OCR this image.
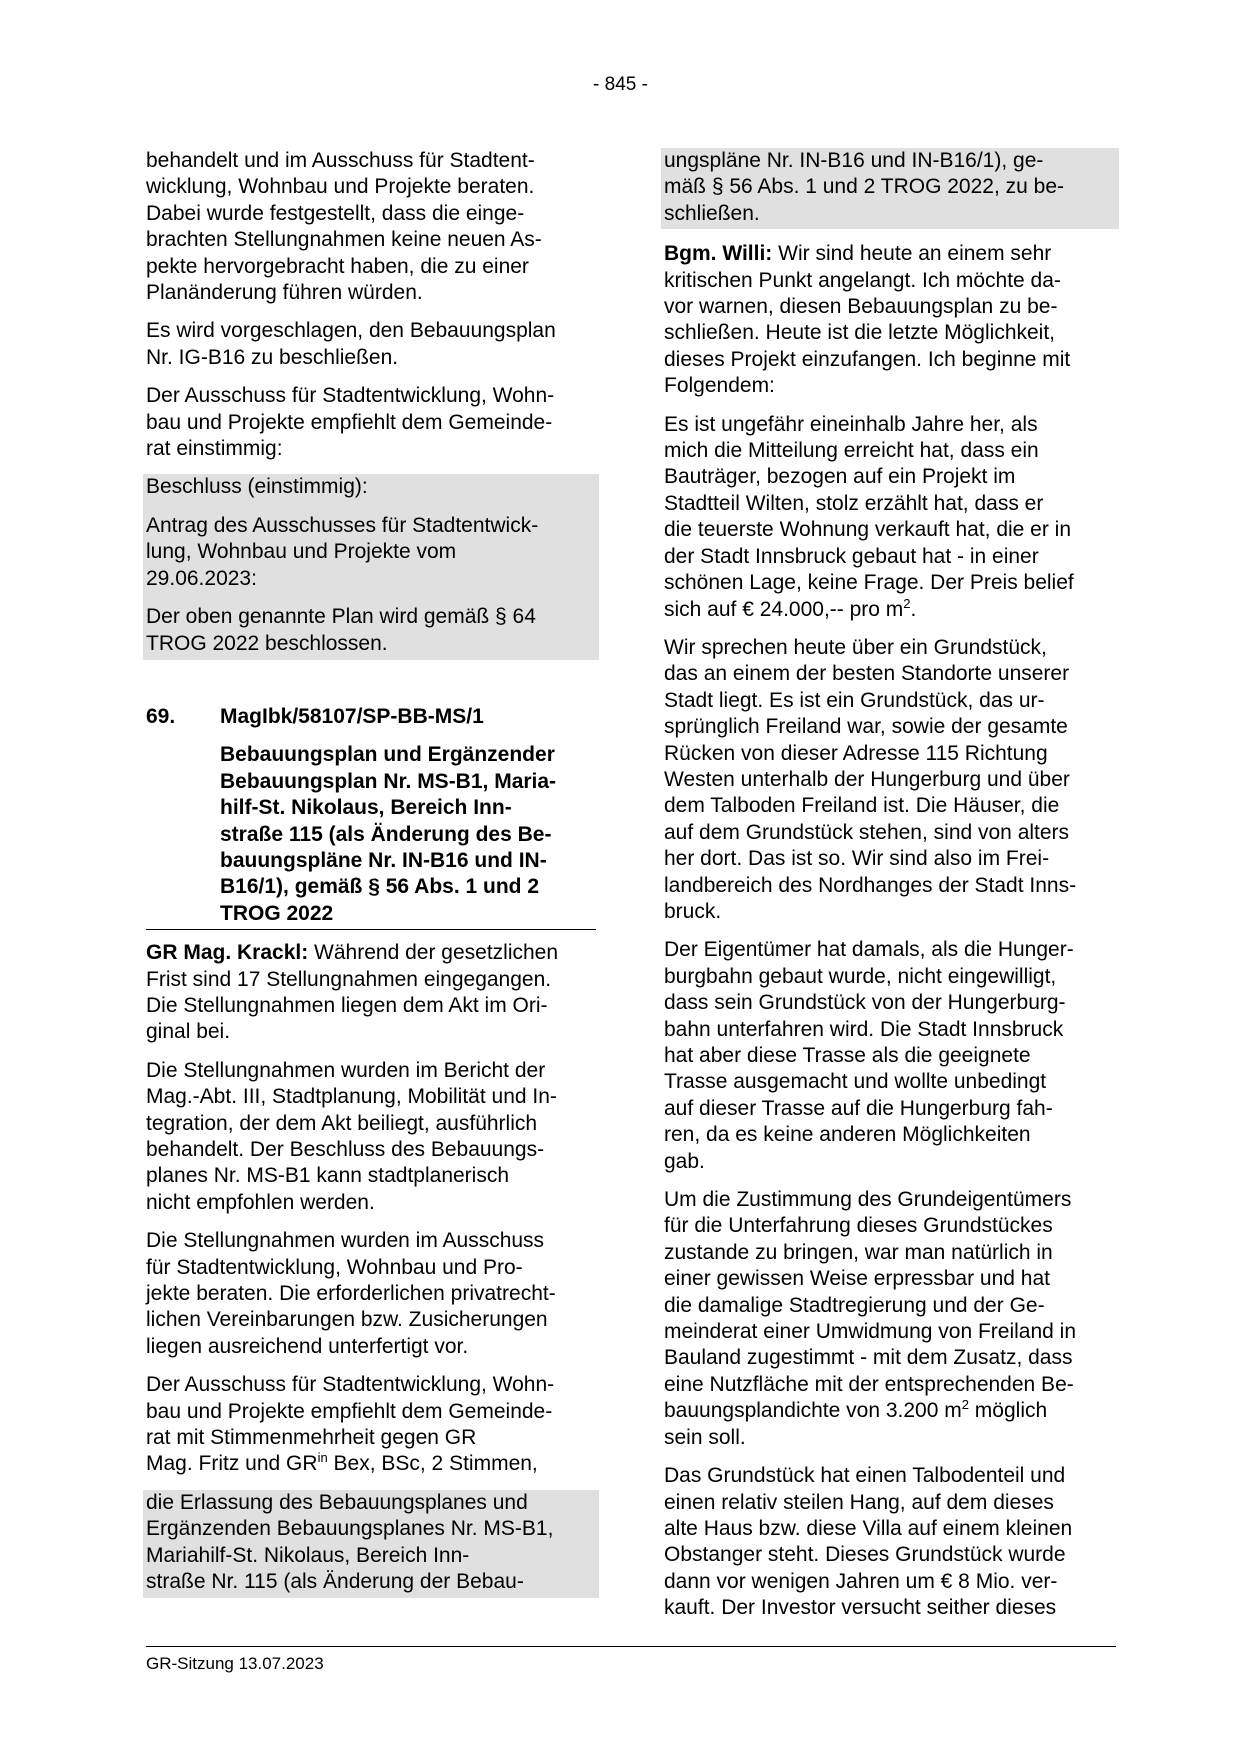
- 845 -
behandelt und im Ausschuss für Stadtent-
wicklung, Wohnbau und Projekte beraten.
Dabei wurde festgestellt, dass die einge-
brachten Stellungnahmen keine neuen As-
pekte hervorgebracht haben, die zu einer
Planänderung führen würden.
Es wird vorgeschlagen, den Bebauungsplan
Nr. IG-B16 zu beschließen.
Der Ausschuss für Stadtentwicklung, Wohn-
bau und Projekte empfiehlt dem Gemeinde-
rat einstimmig:
Beschluss (einstimmig):
Antrag des Ausschusses für Stadtentwick-
lung, Wohnbau und Projekte vom
29.06.2023:
Der oben genannte Plan wird gemäß § 64
TROG 2022 beschlossen.
69.	MagIbk/58107/SP-BB-MS/1
Bebauungsplan und Ergänzender
Bebauungsplan Nr. MS-B1, Maria-
hilf-St. Nikolaus, Bereich Inn-
straße 115 (als Änderung des Be-
bauungspläne Nr. IN-B16 und IN-
B16/1), gemäß § 56 Abs. 1 und 2
TROG 2022
GR Mag. Krackl: Während der gesetzlichen
Frist sind 17 Stellungnahmen eingegangen.
Die Stellungnahmen liegen dem Akt im Ori-
ginal bei.
Die Stellungnahmen wurden im Bericht der
Mag.-Abt. III, Stadtplanung, Mobilität und In-
tegration, der dem Akt beiliegt, ausführlich
behandelt. Der Beschluss des Bebauungs-
planes Nr. MS-B1 kann stadtplanerisch
nicht empfohlen werden.
Die Stellungnahmen wurden im Ausschuss
für Stadtentwicklung, Wohnbau und Pro-
jekte beraten. Die erforderlichen privatrecht-
lichen Vereinbarungen bzw. Zusicherungen
liegen ausreichend unterfertigt vor.
Der Ausschuss für Stadtentwicklung, Wohn-
bau und Projekte empfiehlt dem Gemeinde-
rat mit Stimmenmehrheit gegen GR
Mag. Fritz und $GR^{in}$ Bex, BSc, 2 Stimmen,
die Erlassung des Bebauungsplanes und
Ergänzenden Bebauungsplanes Nr. MS-B1,
Mariahilf-St. Nikolaus, Bereich Inn-
straße Nr. 115 (als Änderung der Bebau-
ungspläne Nr. IN-B16 und IN-B16/1), ge-
mäß § 56 Abs. 1 und 2 TROG 2022, zu be-
schließen.
Bgm. Willi: Wir sind heute an einem sehr
kritischen Punkt angelangt. Ich möchte da-
vor warnen, diesen Bebauungsplan zu be-
schließen. Heute ist die letzte Möglichkeit,
dieses Projekt einzufangen. Ich beginne mit
Folgendem:
Es ist ungefähr eineinhalb Jahre her, als
mich die Mitteilung erreicht hat, dass ein
Bauträger, bezogen auf ein Projekt im
Stadtteil Wilten, stolz erzählt hat, dass er
die teuerste Wohnung verkauft hat, die er in
der Stadt Innsbruck gebaut hat - in einer
schönen Lage, keine Frage. Der Preis belief
sich auf € 24.000,-- pro $m^2$.
Wir sprechen heute über ein Grundstück,
das an einem der besten Standorte unserer
Stadt liegt. Es ist ein Grundstück, das ur-
sprünglich Freiland war, sowie der gesamte
Rücken von dieser Adresse 115 Richtung
Westen unterhalb der Hungerburg und über
dem Talboden Freiland ist. Die Häuser, die
auf dem Grundstück stehen, sind von alters
her dort. Das ist so. Wir sind also im Frei-
landbereich des Nordhanges der Stadt Inns-
bruck.
Der Eigentümer hat damals, als die Hunger-
burgbahn gebaut wurde, nicht eingewilligt,
dass sein Grundstück von der Hungerburg-
bahn unterfahren wird. Die Stadt Innsbruck
hat aber diese Trasse als die geeignete
Trasse ausgemacht und wollte unbedingt
auf dieser Trasse auf die Hungerburg fah-
ren, da es keine anderen Möglichkeiten
gab.
Um die Zustimmung des Grundeigentümers
für die Unterfahrung dieses Grundstückes
zustande zu bringen, war man natürlich in
einer gewissen Weise erpressbar und hat
die damalige Stadtregierung und der Ge-
meinderat einer Umwidmung von Freiland in
Bauland zugestimmt - mit dem Zusatz, dass
eine Nutzfläche mit der entsprechenden Be-
bauungsplandichte von 3.200 $m^2$ möglich
sein soll.
Das Grundstück hat einen Talbodenteil und
einen relativ steilen Hang, auf dem dieses
alte Haus bzw. diese Villa auf einem kleinen
Obstanger steht. Dieses Grundstück wurde
dann vor wenigen Jahren um € 8 Mio. ver-
kauft. Der Investor versucht seither dieses
GR-Sitzung 13.07.2023
